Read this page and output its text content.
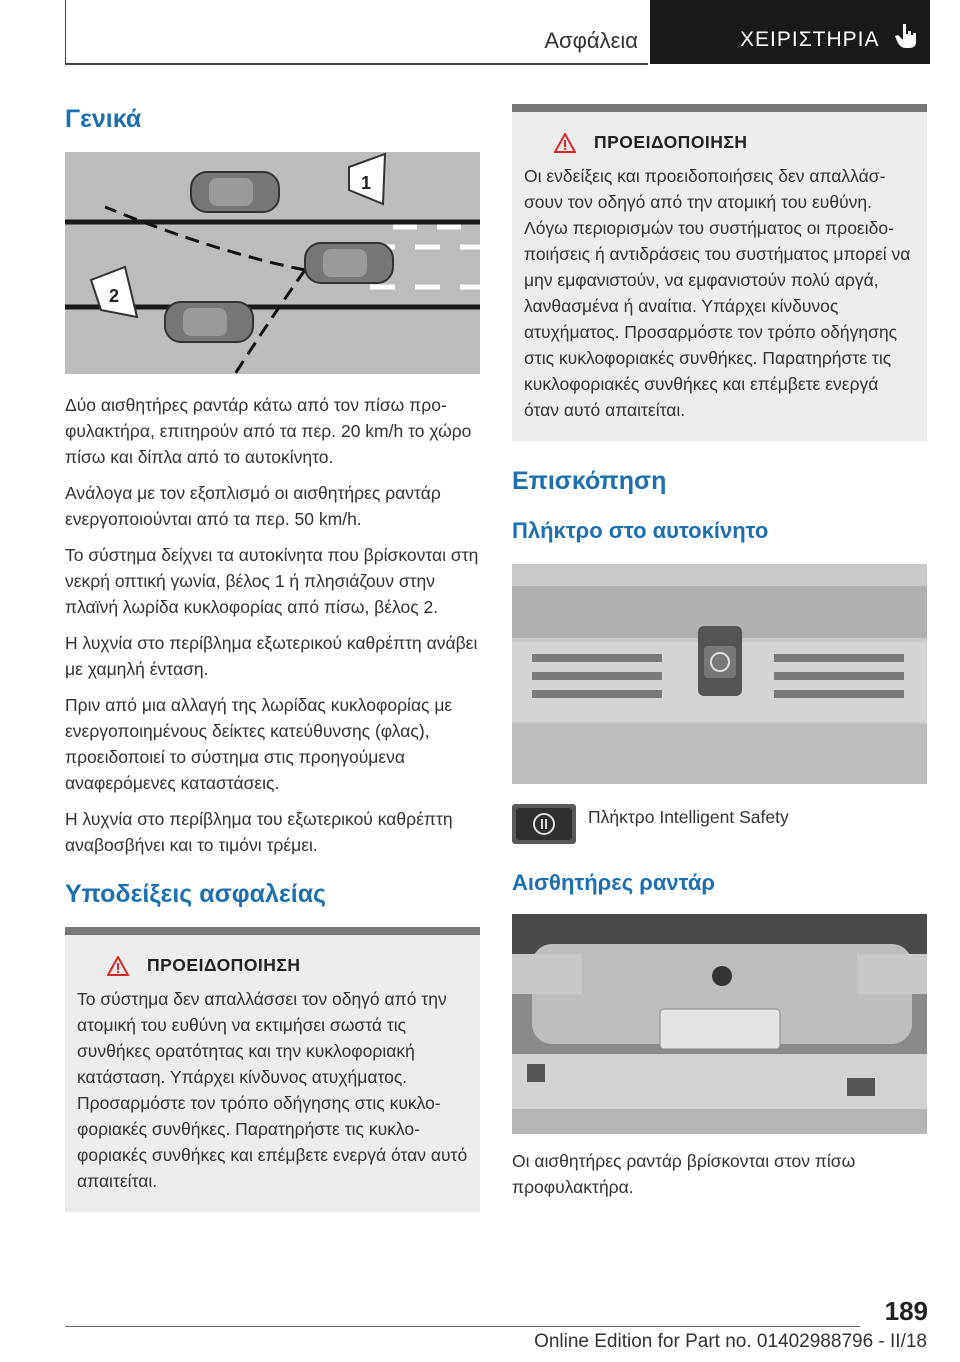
Ασφάλεια	ΧΕΙΡΙΣΤΗΡΙΑ
Γενικά
1
2

Δύο αισθητήρες ραντάρ κάτω από τον πίσω προφυλακτήρα, επιτηρούν από τα περ. 20 km/h το χώρο πίσω και δίπλα από το αυτοκίνητο.

Ανάλογα με τον εξοπλισμό οι αισθητήρες ραντάρ ενεργοποιούνται από τα περ. 50 km/h.

Το σύστημα δείχνει τα αυτοκίνητα που βρίσκονται στη νεκρή οπτική γωνία, βέλος 1 ή πλησιάζουν στην πλαϊνή λωρίδα κυκλοφορίας από πίσω, βέλος 2.

Η λυχνία στο περίβλημα εξωτερικού καθρέπτη ανάβει με χαμηλή ένταση.

Πριν από μια αλλαγή της λωρίδας κυκλοφορίας με ενεργοποιημένους δείκτες κατεύθυνσης (φλας), προειδοποιεί το σύστημα στις προηγούμενα αναφερόμενες καταστάσεις.

Η λυχνία στο περίβλημα του εξωτερικού καθρέπτη αναβοσβήνει και το τιμόνι τρέμει.

Υποδείξεις ασφαλείας
ΠΡΟΕΙΔΟΠΟΙΗΣΗ

Το σύστημα δεν απαλλάσσει τον οδηγό από την ατομική του ευθύνη να εκτιμήσει σωστά τις συνθήκες ορατότητας και την κυκλοφοριακή κατάσταση. Υπάρχει κίνδυνος ατυχήματος. Προσαρμόστε τον τρόπο οδήγησης στις κυκλοφοριακές συνθήκες. Παρατηρήστε τις κυκλοφοριακές συνθήκες και επέμβετε ενεργά όταν αυτό απαιτείται.

ΠΡΟΕΙΔΟΠΟΙΗΣΗ

Οι ενδείξεις και προειδοποιήσεις δεν απαλλάσσουν τον οδηγό από την ατομική του ευθύνη. Λόγω περιορισμών του συστήματος οι προειδοποιήσεις ή αντιδράσεις του συστήματος μπορεί να μην εμφανιστούν, να εμφανιστούν πολύ αργά, λανθασμένα ή αναίτια. Υπάρχει κίνδυνος ατυχήματος. Προσαρμόστε τον τρόπο οδήγησης στις κυκλοφοριακές συνθήκες. Παρατηρήστε τις κυκλοφοριακές συνθήκες και επέμβετε ενεργά όταν αυτό απαιτείται.

Επισκόπηση
Πλήκτρο στο αυτοκίνητο
Πλήκτρο Intelligent Safety
Αισθητήρες ραντάρ

Οι αισθητήρες ραντάρ βρίσκονται στον πίσω προφυλακτήρα.

189
Online Edition for Part no. 01402988796 - II/18
